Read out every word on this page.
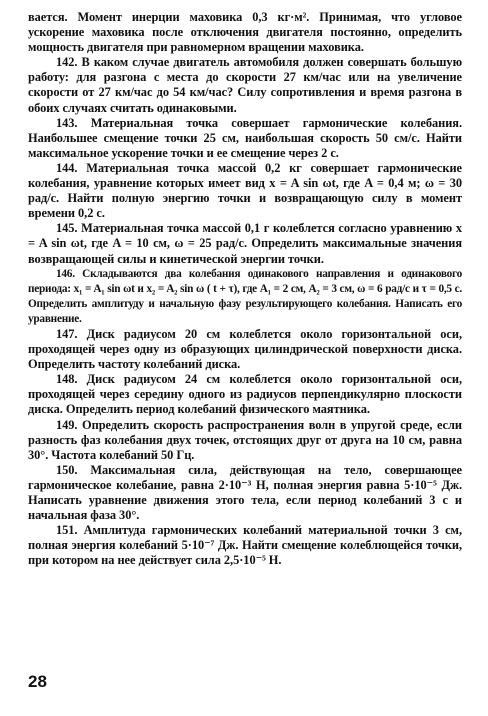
вается. Момент инерции маховика 0,3 кг·м². Принимая, что угловое ускорение маховика после отключения двигателя постоянно, определить мощность двигателя при равномерном вращении маховика.

142. В каком случае двигатель автомобиля должен совершать большую работу: для разгона с места до скорости 27 км/час или на увеличение скорости от 27 км/час до 54 км/час? Силу сопротивления и время разгона в обоих случаях считать одинаковыми.

143. Материальная точка совершает гармонические колебания. Наибольшее смещение точки 25 см, наибольшая скорость 50 см/с. Найти максимальное ускорение точки и ее смещение через 2 с.

144. Материальная точка массой 0,2 кг совершает гармонические колебания, уравнение которых имеет вид x = A sin ωt, где A = 0,4 м; ω = 30 рад/с. Найти полную энергию точки и возвращающую силу в момент времени 0,2 с.

145. Материальная точка массой 0,1 г колеблется согласно уравнению x = A sin ωt, где A = 10 см, ω = 25 рад/с. Определить максимальные значения возвращающей силы и кинетической энергии точки.

146. Складываются два колебания одинакового направления и одинакового периода: x₁ = A₁ sin ωt и x₂ = A₂ sin ω ( t + τ), где A₁ = 2 см, A₂ = 3 см, ω = 6 рад/с и τ = 0,5 с. Определить амплитуду и начальную фазу результирующего колебания. Написать его уравнение.

147. Диск радиусом 20 см колеблется около горизонтальной оси, проходящей через одну из образующих цилиндрической поверхности диска. Определить частоту колебаний диска.

148. Диск радиусом 24 см колеблется около горизонтальной оси, проходящей через середину одного из радиусов перпендикулярно плоскости диска. Определить период колебаний физического маятника.

149. Определить скорость распространения волн в упругой среде, если разность фаз колебания двух точек, отстоящих друг от друга на 10 см, равна 30°. Частота колебаний 50 Гц.

150. Максимальная сила, действующая на тело, совершающее гармоническое колебание, равна 2·10⁻³ Н, полная энергия равна 5·10⁻⁵ Дж. Написать уравнение движения этого тела, если период колебаний 3 с и начальная фаза 30°.

151. Амплитуда гармонических колебаний материальной точки 3 см, полная энергия колебаний 5·10⁻⁷ Дж. Найти смещение колеблющейся точки, при котором на нее действует сила 2,5·10⁻⁵ Н.

28
